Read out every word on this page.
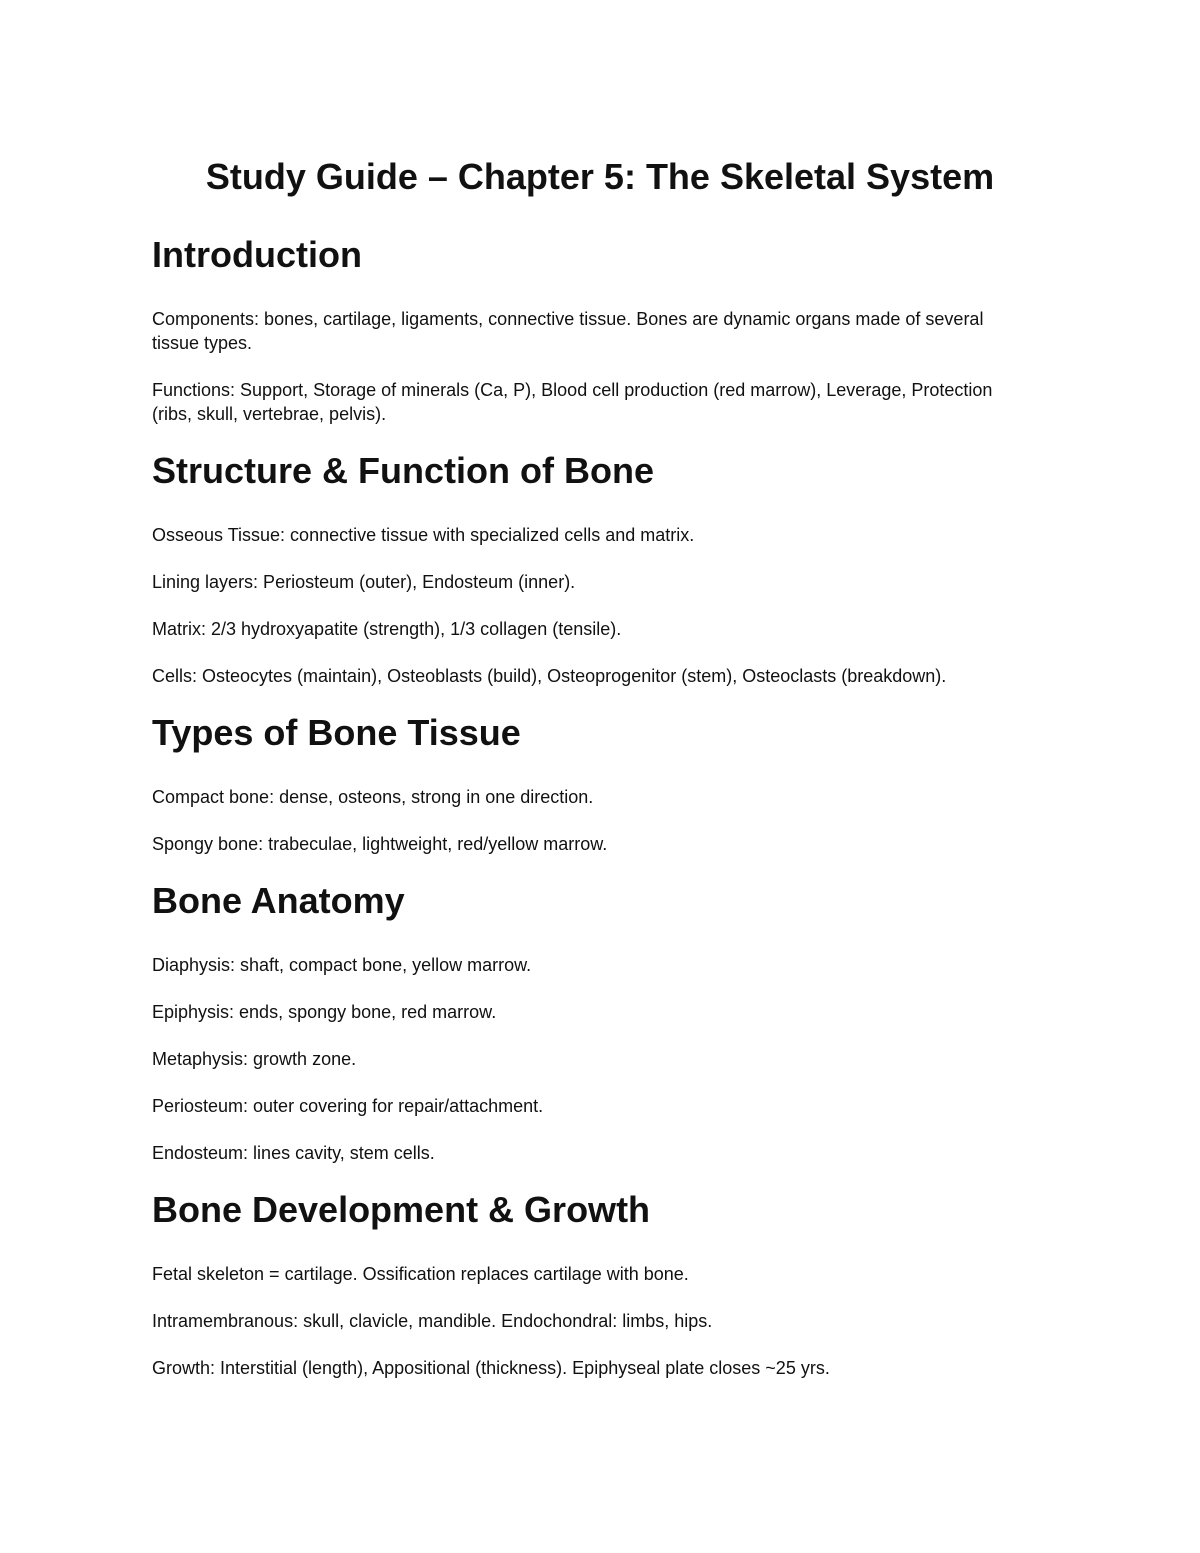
Study Guide – Chapter 5: The Skeletal System
Introduction

Components: bones, cartilage, ligaments, connective tissue. Bones are dynamic organs made of several tissue types.

Functions: Support, Storage of minerals (Ca, P), Blood cell production (red marrow), Leverage, Protection (ribs, skull, vertebrae, pelvis).

Structure & Function of Bone

Osseous Tissue: connective tissue with specialized cells and matrix.

Lining layers: Periosteum (outer), Endosteum (inner).

Matrix: 2/3 hydroxyapatite (strength), 1/3 collagen (tensile).

Cells: Osteocytes (maintain), Osteoblasts (build), Osteoprogenitor (stem), Osteoclasts (breakdown).

Types of Bone Tissue

Compact bone: dense, osteons, strong in one direction.

Spongy bone: trabeculae, lightweight, red/yellow marrow.

Bone Anatomy

Diaphysis: shaft, compact bone, yellow marrow.

Epiphysis: ends, spongy bone, red marrow.

Metaphysis: growth zone.

Periosteum: outer covering for repair/attachment.

Endosteum: lines cavity, stem cells.

Bone Development & Growth

Fetal skeleton = cartilage. Ossification replaces cartilage with bone.

Intramembranous: skull, clavicle, mandible. Endochondral: limbs, hips.

Growth: Interstitial (length), Appositional (thickness). Epiphyseal plate closes ~25 yrs.
